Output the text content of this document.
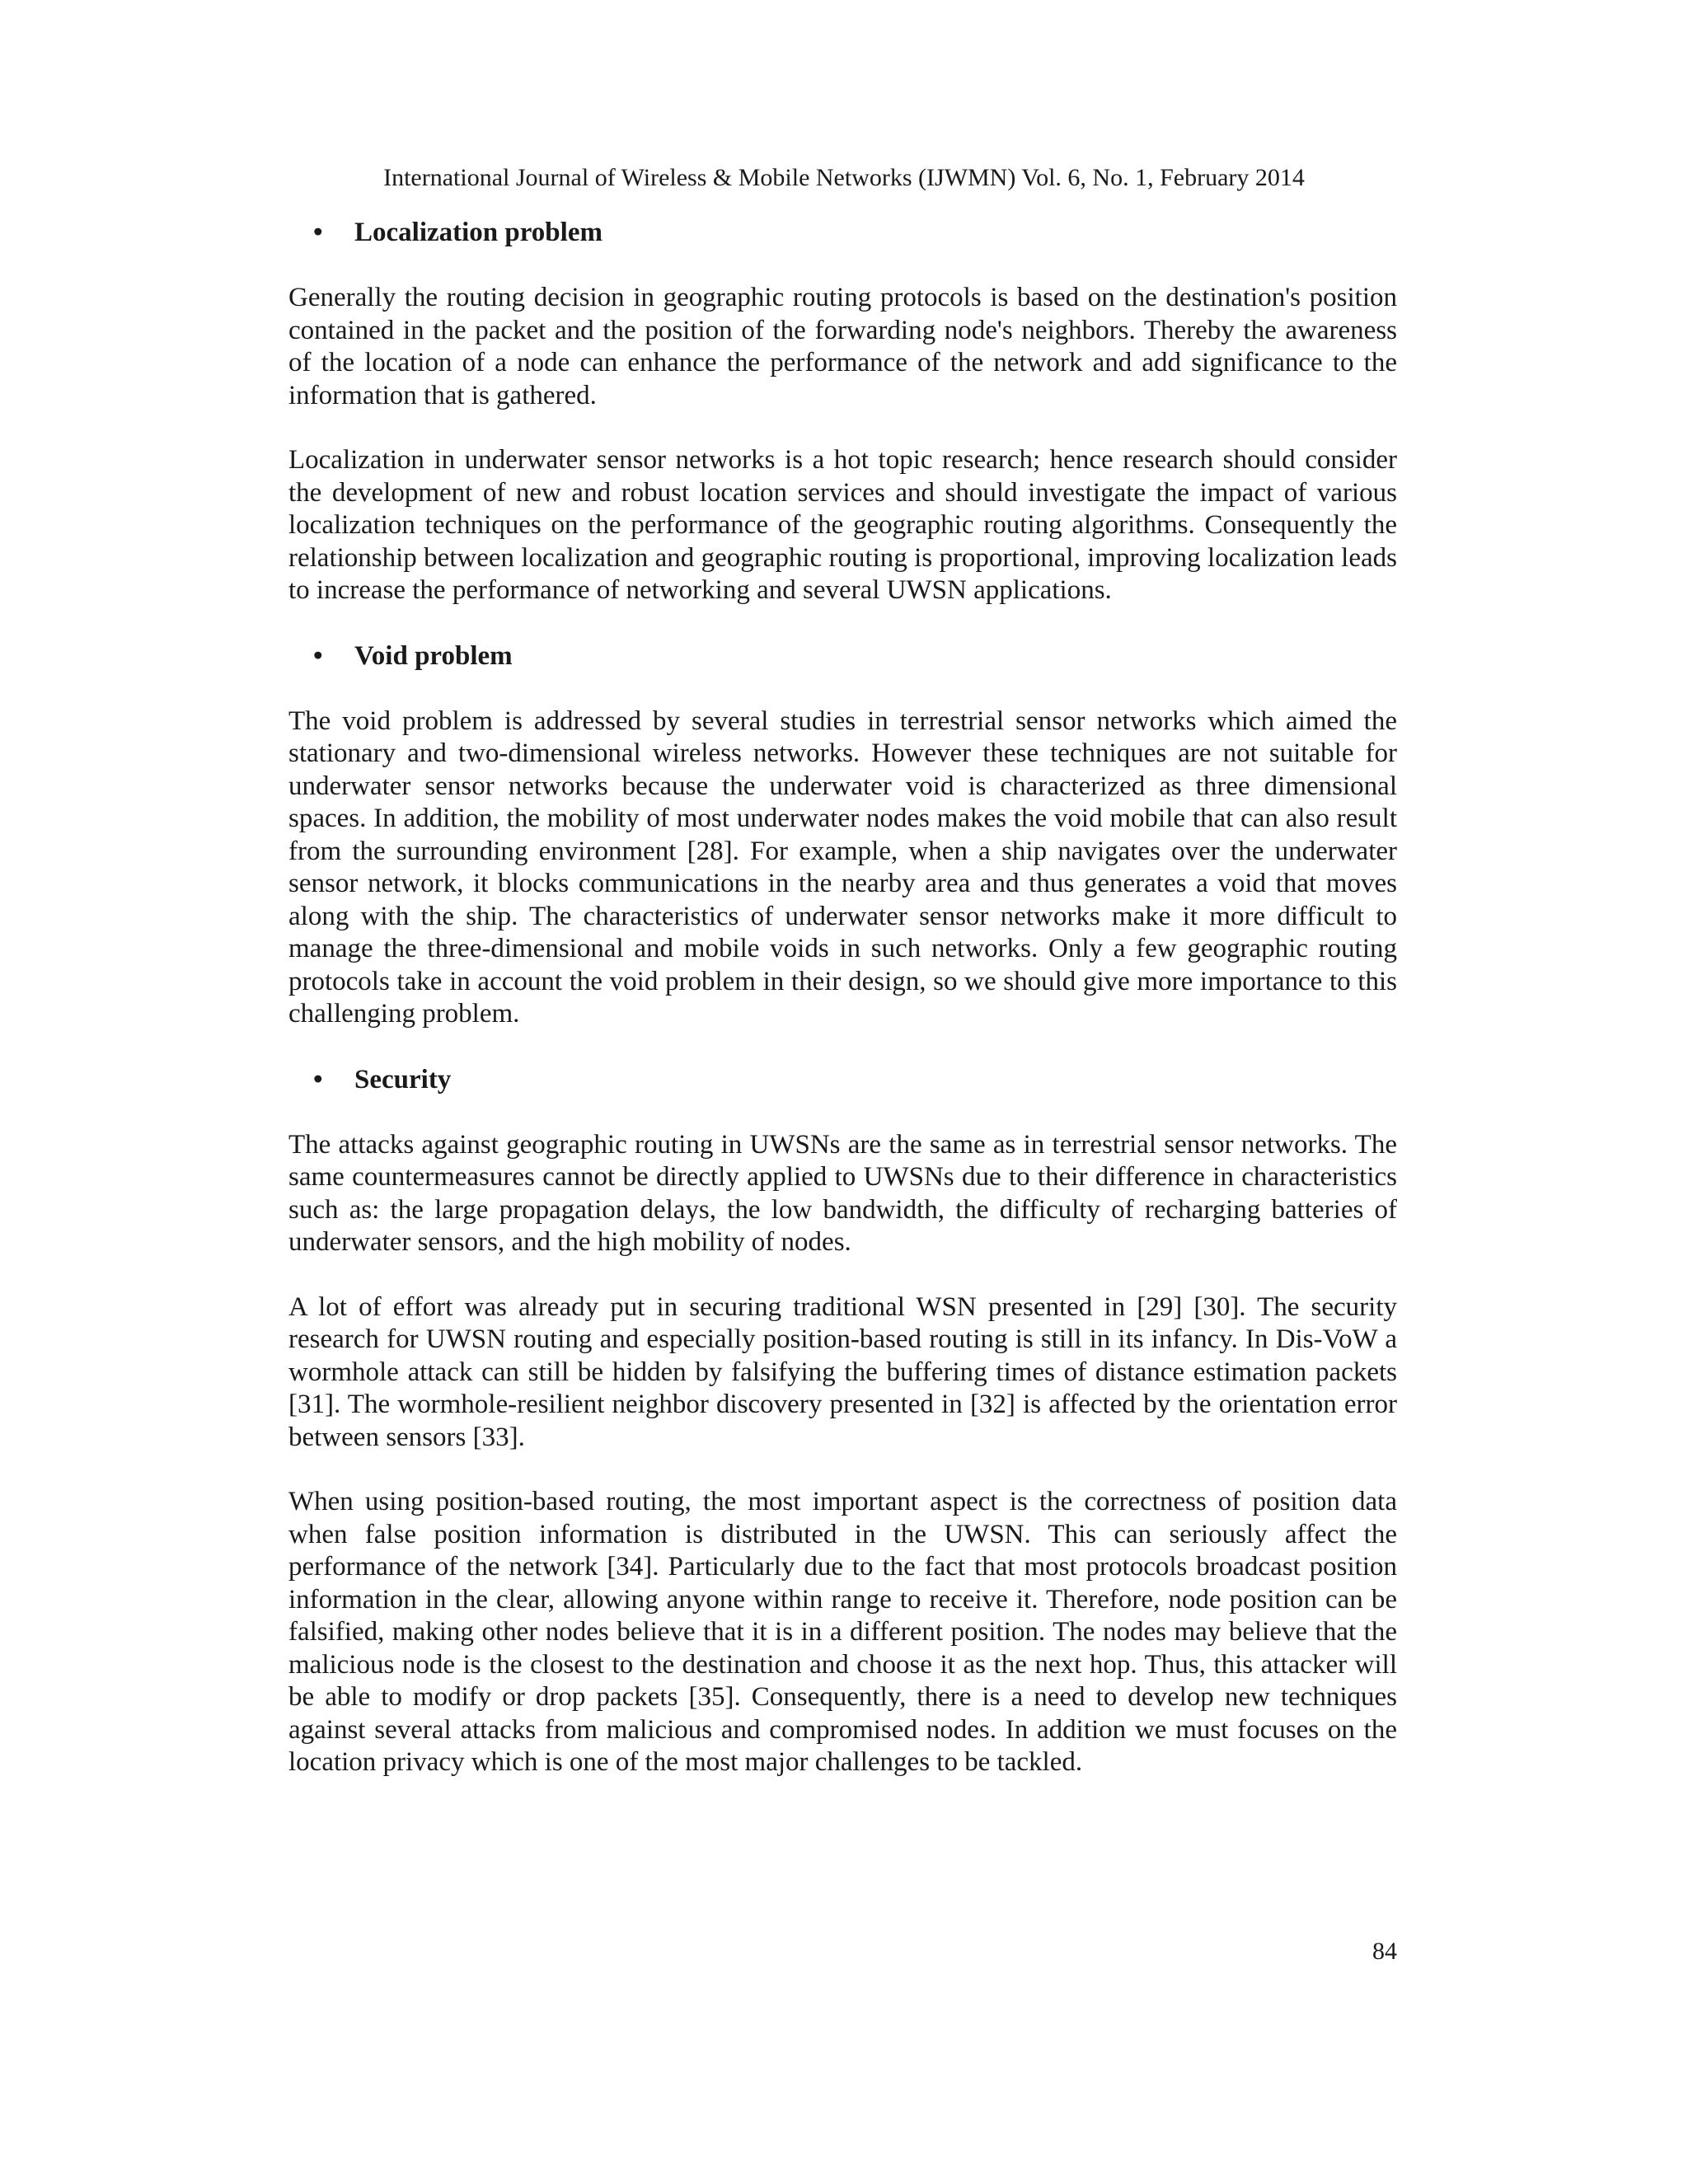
International Journal of Wireless & Mobile Networks (IJWMN) Vol. 6, No. 1, February 2014
•	Localization problem

Generally the routing decision in geographic routing protocols is based on the destination's position contained in the packet and the position of the forwarding node's neighbors. Thereby the awareness of the location of a node can enhance the performance of the network and add significance to the information that is gathered.

Localization in underwater sensor networks is a hot topic research; hence research should consider the development of new and robust location services and should investigate the impact of various localization techniques on the performance of the geographic routing algorithms. Consequently the relationship between localization and geographic routing is proportional, improving localization leads to increase the performance of networking and several UWSN applications.

•	Void problem

The void problem is addressed by several studies in terrestrial sensor networks which aimed the stationary and two-dimensional wireless networks. However these techniques are not suitable for underwater sensor networks because the underwater void is characterized as three dimensional spaces. In addition, the mobility of most underwater nodes makes the void mobile that can also result from the surrounding environment [28]. For example, when a ship navigates over the underwater sensor network, it blocks communications in the nearby area and thus generates a void that moves along with the ship. The characteristics of underwater sensor networks make it more difficult to manage the three-dimensional and mobile voids in such networks. Only a few geographic routing protocols take in account the void problem in their design, so we should give more importance to this challenging problem.

•	Security

The attacks against geographic routing in UWSNs are the same as in terrestrial sensor networks. The same countermeasures cannot be directly applied to UWSNs due to their difference in characteristics such as: the large propagation delays, the low bandwidth, the difficulty of recharging batteries of underwater sensors, and the high mobility of nodes.

A lot of effort was already put in securing traditional WSN presented in [29] [30]. The security research for UWSN routing and especially position-based routing is still in its infancy. In Dis-VoW a wormhole attack can still be hidden by falsifying the buffering times of distance estimation packets [31]. The wormhole-resilient neighbor discovery presented in [32] is affected by the orientation error between sensors [33].

When using position-based routing, the most important aspect is the correctness of position data when false position information is distributed in the UWSN. This can seriously affect the performance of the network [34]. Particularly due to the fact that most protocols broadcast position information in the clear, allowing anyone within range to receive it. Therefore, node position can be falsified, making other nodes believe that it is in a different position. The nodes may believe that the malicious node is the closest to the destination and choose it as the next hop. Thus, this attacker will be able to modify or drop packets [35]. Consequently, there is a need to develop new techniques against several attacks from malicious and compromised nodes. In addition we must focuses on the location privacy which is one of the most major challenges to be tackled.

84
